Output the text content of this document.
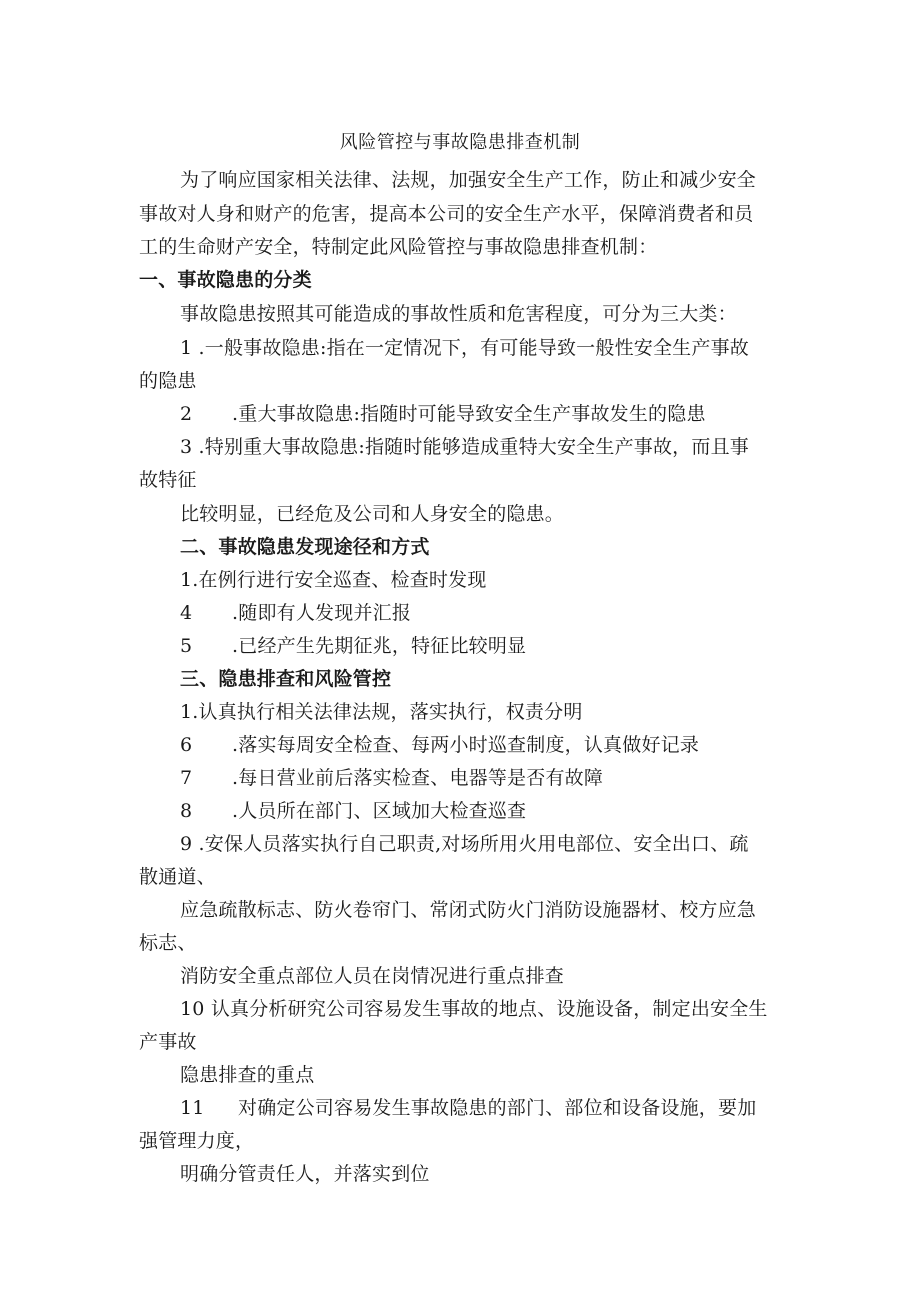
风险管控与事故隐患排查机制
为了响应国家相关法律、法规，加强安全生产工作，防止和减少安全
事故对人身和财产的危害，提高本公司的安全生产水平，保障消费者和员
工的生命财产安全，特制定此风险管控与事故隐患排查机制：
一、事故隐患的分类
事故隐患按照其可能造成的事故性质和危害程度，可分为三大类：
1 .一般事故隐患:指在一定情况下，有可能导致一般性安全生产事故
的隐患
2 .重大事故隐患:指随时可能导致安全生产事故发生的隐患
3 .特别重大事故隐患:指随时能够造成重特大安全生产事故，而且事
故特征
比较明显，已经危及公司和人身安全的隐患。
二、事故隐患发现途径和方式
1.在例行进行安全巡查、检查时发现
4 .随即有人发现并汇报
5 .已经产生先期征兆，特征比较明显
三、隐患排查和风险管控
1.认真执行相关法律法规，落实执行，权责分明
6 .落实每周安全检查、每两小时巡查制度，认真做好记录
7 .每日营业前后落实检查、电器等是否有故障
8 .人员所在部门、区域加大检查巡查
9 .安保人员落实执行自己职责,对场所用火用电部位、安全出口、疏
散通道、
应急疏散标志、防火卷帘门、常闭式防火门消防设施器材、校方应急
标志、
消防安全重点部位人员在岗情况进行重点排查
10 认真分析研究公司容易发生事故的地点、设施设备，制定出安全生
产事故
隐患排查的重点
11 对确定公司容易发生事故隐患的部门、部位和设备设施，要加
强管理力度，
明确分管责任人，并落实到位
